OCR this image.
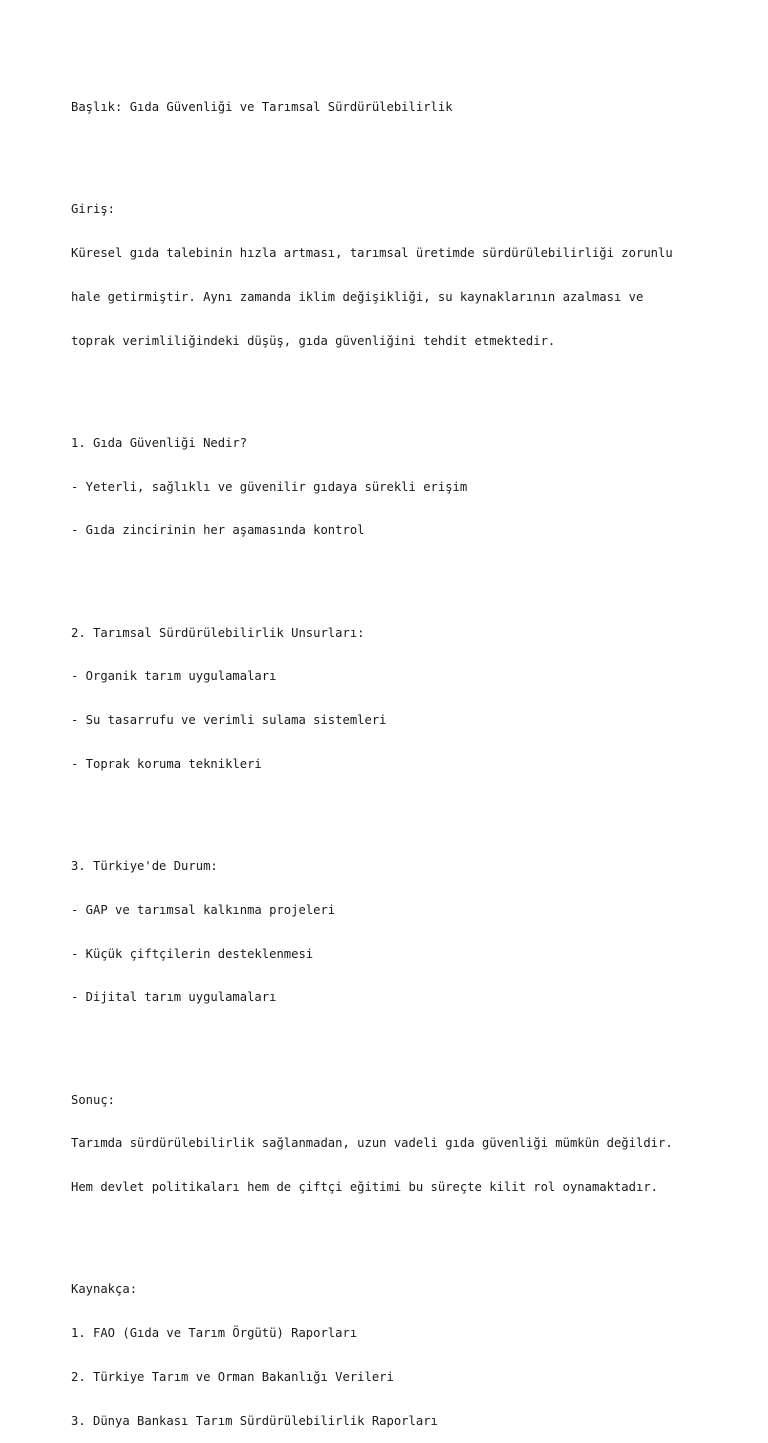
Başlık: Gıda Güvenliği ve Tarımsal Sürdürülebilirlik

Giriş:

Küresel gıda talebinin hızla artması, tarımsal üretimde sürdürülebilirliği zorunlu

hale getirmiştir. Aynı zamanda iklim değişikliği, su kaynaklarının azalması ve

toprak verimliliğindeki düşüş, gıda güvenliğini tehdit etmektedir.

1. Gıda Güvenliği Nedir?

- Yeterli, sağlıklı ve güvenilir gıdaya sürekli erişim

- Gıda zincirinin her aşamasında kontrol

2. Tarımsal Sürdürülebilirlik Unsurları:

- Organik tarım uygulamaları

- Su tasarrufu ve verimli sulama sistemleri

- Toprak koruma teknikleri

3. Türkiye'de Durum:

- GAP ve tarımsal kalkınma projeleri

- Küçük çiftçilerin desteklenmesi

- Dijital tarım uygulamaları

Sonuç:

Tarımda sürdürülebilirlik sağlanmadan, uzun vadeli gıda güvenliği mümkün değildir.

Hem devlet politikaları hem de çiftçi eğitimi bu süreçte kilit rol oynamaktadır.

Kaynakça:

1. FAO (Gıda ve Tarım Örgütü) Raporları

2. Türkiye Tarım ve Orman Bakanlığı Verileri

3. Dünya Bankası Tarım Sürdürülebilirlik Raporları
